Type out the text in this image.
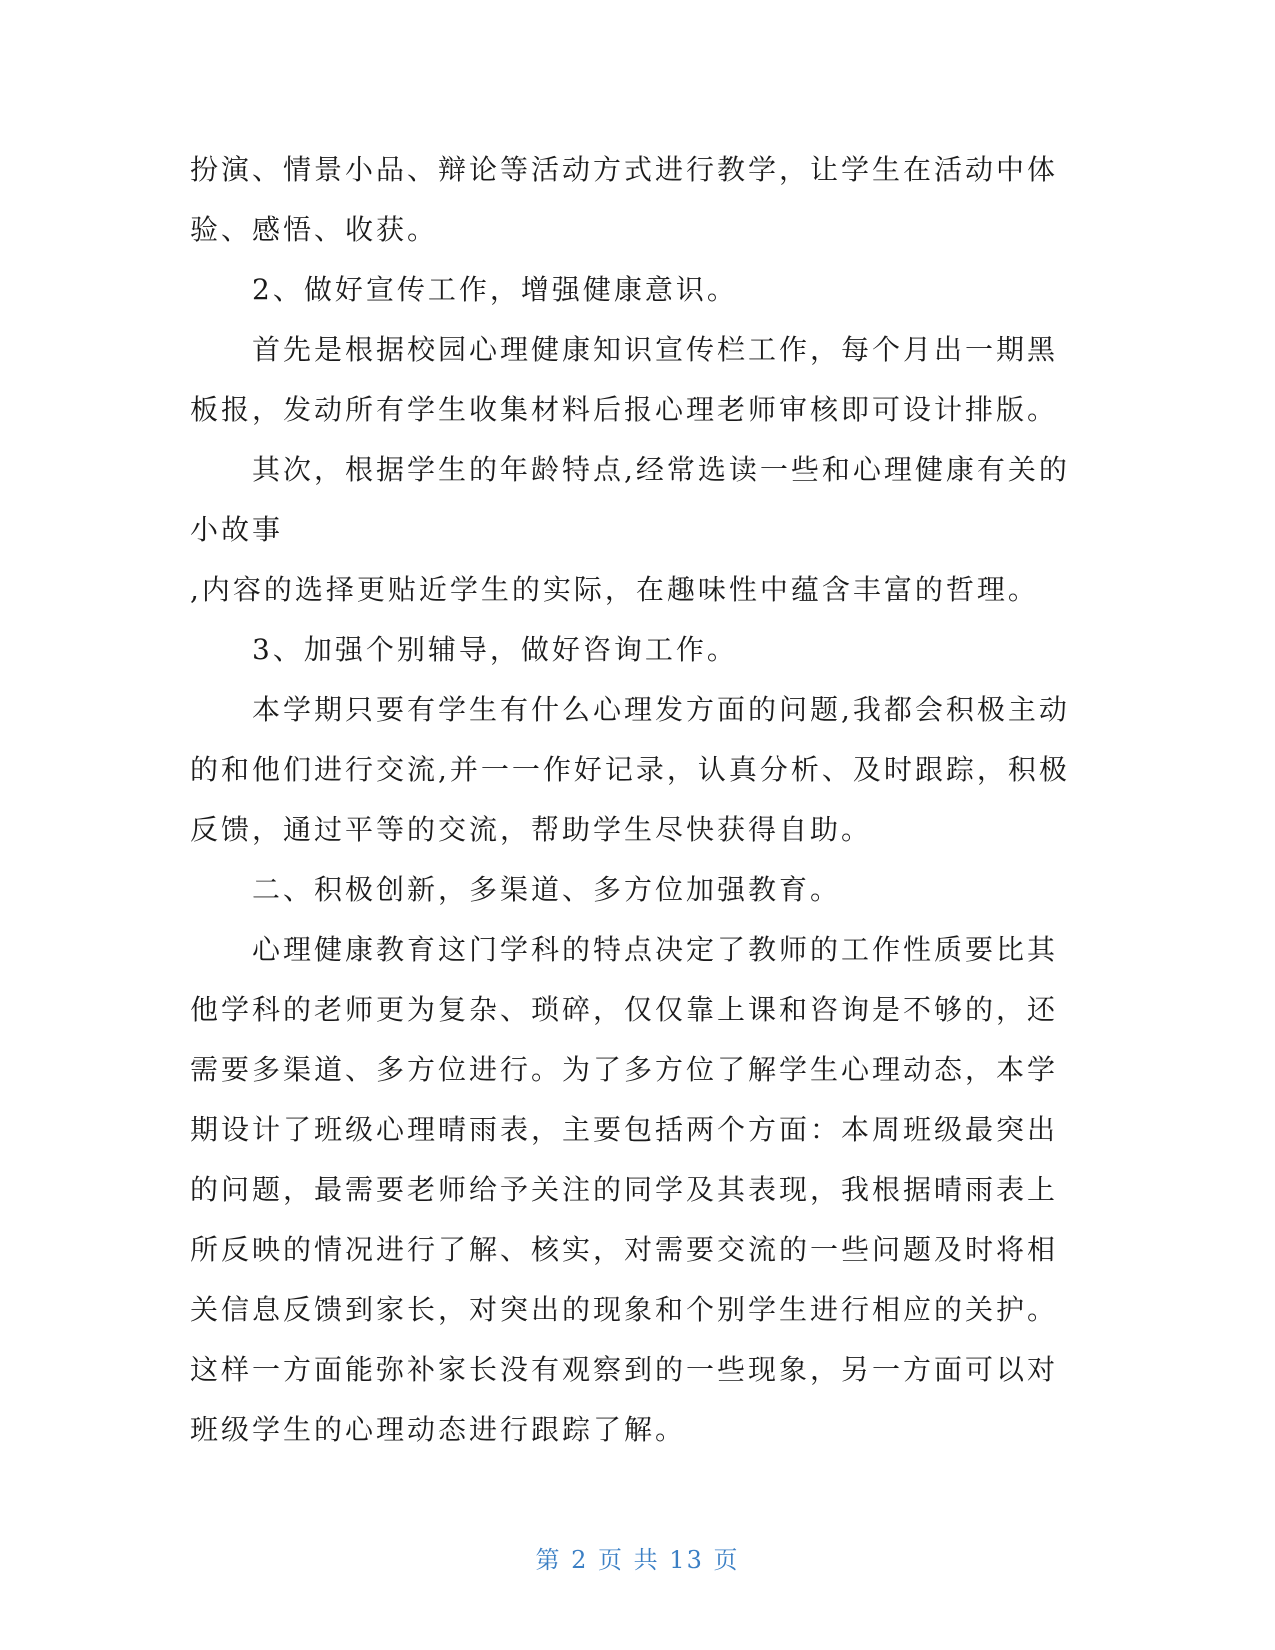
扮演、情景小品、辩论等活动方式进行教学，让学生在活动中体
验、感悟、收获。
2、做好宣传工作，增强健康意识。
首先是根据校园心理健康知识宣传栏工作，每个月出一期黑
板报，发动所有学生收集材料后报心理老师审核即可设计排版。
其次，根据学生的年龄特点,经常选读一些和心理健康有关的
小故事
,内容的选择更贴近学生的实际，在趣味性中蕴含丰富的哲理。
3、加强个别辅导，做好咨询工作。
本学期只要有学生有什么心理发方面的问题,我都会积极主动
的和他们进行交流,并一一作好记录，认真分析、及时跟踪，积极
反馈，通过平等的交流，帮助学生尽快获得自助。
二、积极创新，多渠道、多方位加强教育。
心理健康教育这门学科的特点决定了教师的工作性质要比其
他学科的老师更为复杂、琐碎，仅仅靠上课和咨询是不够的，还
需要多渠道、多方位进行。为了多方位了解学生心理动态，本学
期设计了班级心理晴雨表，主要包括两个方面：本周班级最突出
的问题，最需要老师给予关注的同学及其表现，我根据晴雨表上
所反映的情况进行了解、核实，对需要交流的一些问题及时将相
关信息反馈到家长，对突出的现象和个别学生进行相应的关护。
这样一方面能弥补家长没有观察到的一些现象，另一方面可以对
班级学生的心理动态进行跟踪了解。
第 2 页 共 13 页
